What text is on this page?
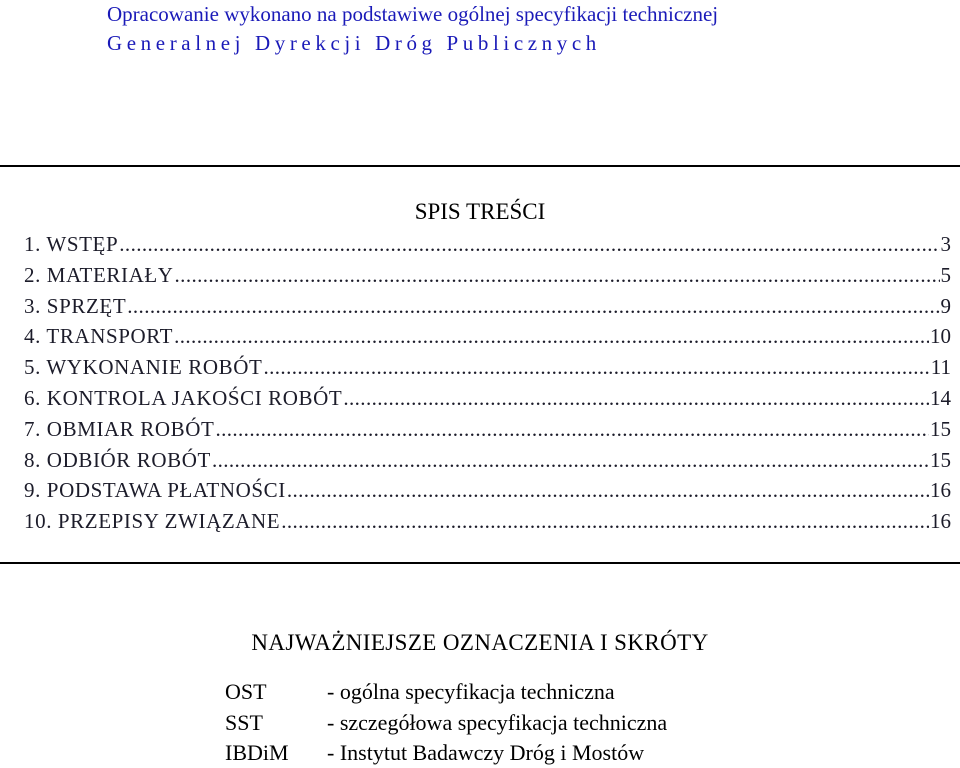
Opracowanie wykonano na podstawiwe ogólnej specyfikacji technicznej
Generalnej Dyrekcji Dróg Publicznych
SPIS TREŚCI
1. WSTĘP .....	3
2. MATERIAŁY .....	5
3. SPRZĘT .....	9
4. TRANSPORT .....	10
5. WYKONANIE ROBÓT .....	11
6. KONTROLA JAKOŚCI ROBÓT .....	14
7. OBMIAR ROBÓT .....	15
8. ODBIÓR ROBÓT .....	15
9. PODSTAWA PŁATNOŚCI .....	16
10. PRZEPISY ZWIĄZANE .....	16
NAJWAŻNIEJSZE OZNACZENIA I SKRÓTY
OST	- ogólna specyfikacja techniczna
SST	- szczegółowa specyfikacja techniczna
IBDiM - Instytut Badawczy Dróg i Mostów
